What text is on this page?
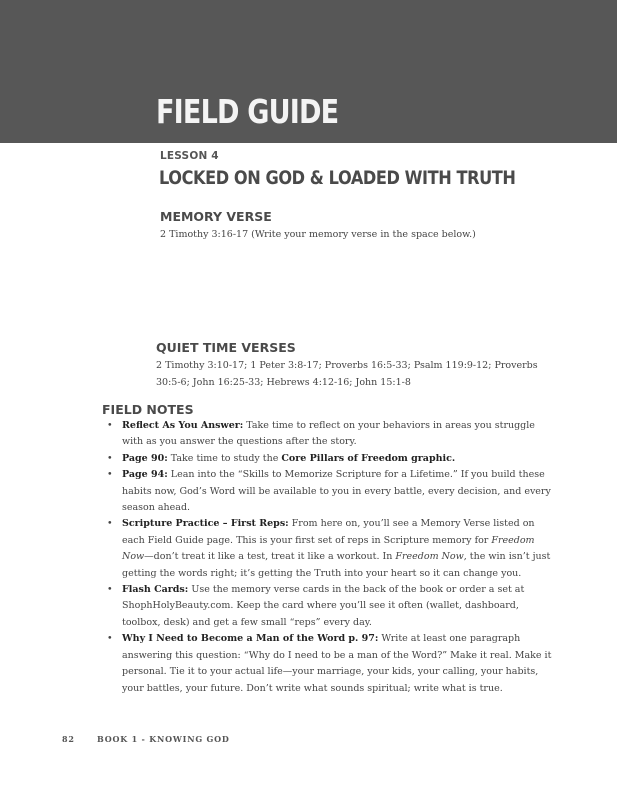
FIELD GUIDE
LESSON 4
LOCKED ON GOD & LOADED WITH TRUTH
MEMORY VERSE
2 Timothy 3:16-17 (Write your memory verse in the space below.)
QUIET TIME VERSES
2 Timothy 3:10-17; 1 Peter 3:8-17; Proverbs 16:5-33; Psalm 119:9-12; Proverbs 30:5-6; John 16:25-33; Hebrews 4:12-16; John 15:1-8
FIELD NOTES
• Reflect As You Answer: Take time to reflect on your behaviors in areas you struggle with as you answer the questions after the story.
• Page 90: Take time to study the Core Pillars of Freedom graphic.
• Page 94: Lean into the “Skills to Memorize Scripture for a Lifetime.” If you build these habits now, God’s Word will be available to you in every battle, every decision, and every season ahead.
• Scripture Practice – First Reps: From here on, you’ll see a Memory Verse listed on each Field Guide page. This is your first set of reps in Scripture memory for Freedom Now—don’t treat it like a test, treat it like a workout. In Freedom Now, the win isn’t just getting the words right; it’s getting the Truth into your heart so it can change you.
• Flash Cards: Use the memory verse cards in the back of the book or order a set at ShophHolyBeauty.com. Keep the card where you’ll see it often (wallet, dashboard, toolbox, desk) and get a few small “reps” every day.
• Why I Need to Become a Man of the Word p. 97: Write at least one paragraph answering this question: “Why do I need to be a man of the Word?” Make it real. Make it personal. Tie it to your actual life—your marriage, your kids, your calling, your habits, your battles, your future. Don’t write what sounds spiritual; write what is true.
82	BOOK 1 - KNOWING GOD
